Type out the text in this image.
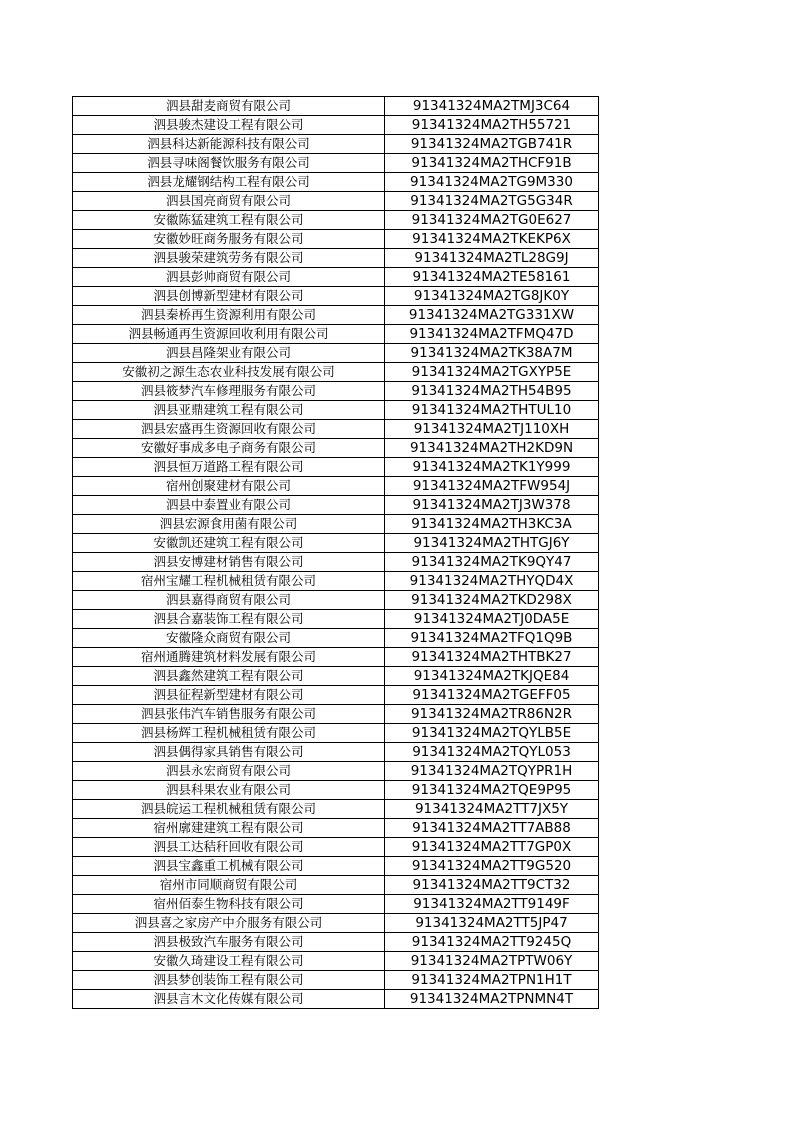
泗县甜麦商贸有限公司	91341324MA2TMJ3C64
泗县骏杰建设工程有限公司	91341324MA2TH55721
泗县科达新能源科技有限公司	91341324MA2TGB741R
泗县寻味阁餐饮服务有限公司	91341324MA2THCF91B
泗县龙耀钢结构工程有限公司	91341324MA2TG9M330
泗县国亮商贸有限公司	91341324MA2TG5G34R
安徽陈猛建筑工程有限公司	91341324MA2TG0E627
安徽妙旺商务服务有限公司	91341324MA2TKEKP6X
泗县骏荣建筑劳务有限公司	91341324MA2TL28G9J
泗县彭帅商贸有限公司	91341324MA2TE58161
泗县创博新型建材有限公司	91341324MA2TG8JK0Y
泗县秦桥再生资源利用有限公司	91341324MA2TG331XW
泗县畅通再生资源回收利用有限公司	91341324MA2TFMQ47D
泗县昌隆架业有限公司	91341324MA2TK38A7M
安徽初之源生态农业科技发展有限公司	91341324MA2TGXYP5E
泗县筱梦汽车修理服务有限公司	91341324MA2TH54B95
泗县亚鼎建筑工程有限公司	91341324MA2THTUL10
泗县宏盛再生资源回收有限公司	91341324MA2TJ110XH
安徽好事成多电子商务有限公司	91341324MA2TH2KD9N
泗县恒万道路工程有限公司	91341324MA2TK1Y999
宿州创聚建材有限公司	91341324MA2TFW954J
泗县中泰置业有限公司	91341324MA2TJ3W378
泗县宏源食用菌有限公司	91341324MA2TH3KC3A
安徽凯还建筑工程有限公司	91341324MA2THTGJ6Y
泗县安博建材销售有限公司	91341324MA2TK9QY47
宿州宝耀工程机械租赁有限公司	91341324MA2THYQD4X
泗县嘉得商贸有限公司	91341324MA2TKD298X
泗县合嘉装饰工程有限公司	91341324MA2TJ0DA5E
安徽隆众商贸有限公司	91341324MA2TFQ1Q9B
宿州通腾建筑材料发展有限公司	91341324MA2THTBK27
泗县鑫然建筑工程有限公司	91341324MA2TKJQE84
泗县征程新型建材有限公司	91341324MA2TGEFF05
泗县张伟汽车销售服务有限公司	91341324MA2TR86N2R
泗县杨辉工程机械租赁有限公司	91341324MA2TQYLB5E
泗县偶得家具销售有限公司	91341324MA2TQYL053
泗县永宏商贸有限公司	91341324MA2TQYPR1H
泗县科果农业有限公司	91341324MA2TQE9P95
泗县皖运工程机械租赁有限公司	91341324MA2TT7JX5Y
宿州廓建建筑工程有限公司	91341324MA2TT7AB88
泗县工达秸秆回收有限公司	91341324MA2TT7GP0X
泗县宝鑫重工机械有限公司	91341324MA2TT9G520
宿州市同顺商贸有限公司	91341324MA2TT9CT32
宿州佰泰生物科技有限公司	91341324MA2TT9149F
泗县喜之家房产中介服务有限公司	91341324MA2TT5JP47
泗县极致汽车服务有限公司	91341324MA2TT9245Q
安徽久琦建设工程有限公司	91341324MA2TPTW06Y
泗县梦创装饰工程有限公司	91341324MA2TPN1H1T
泗县言木文化传媒有限公司	91341324MA2TPNMN4T
